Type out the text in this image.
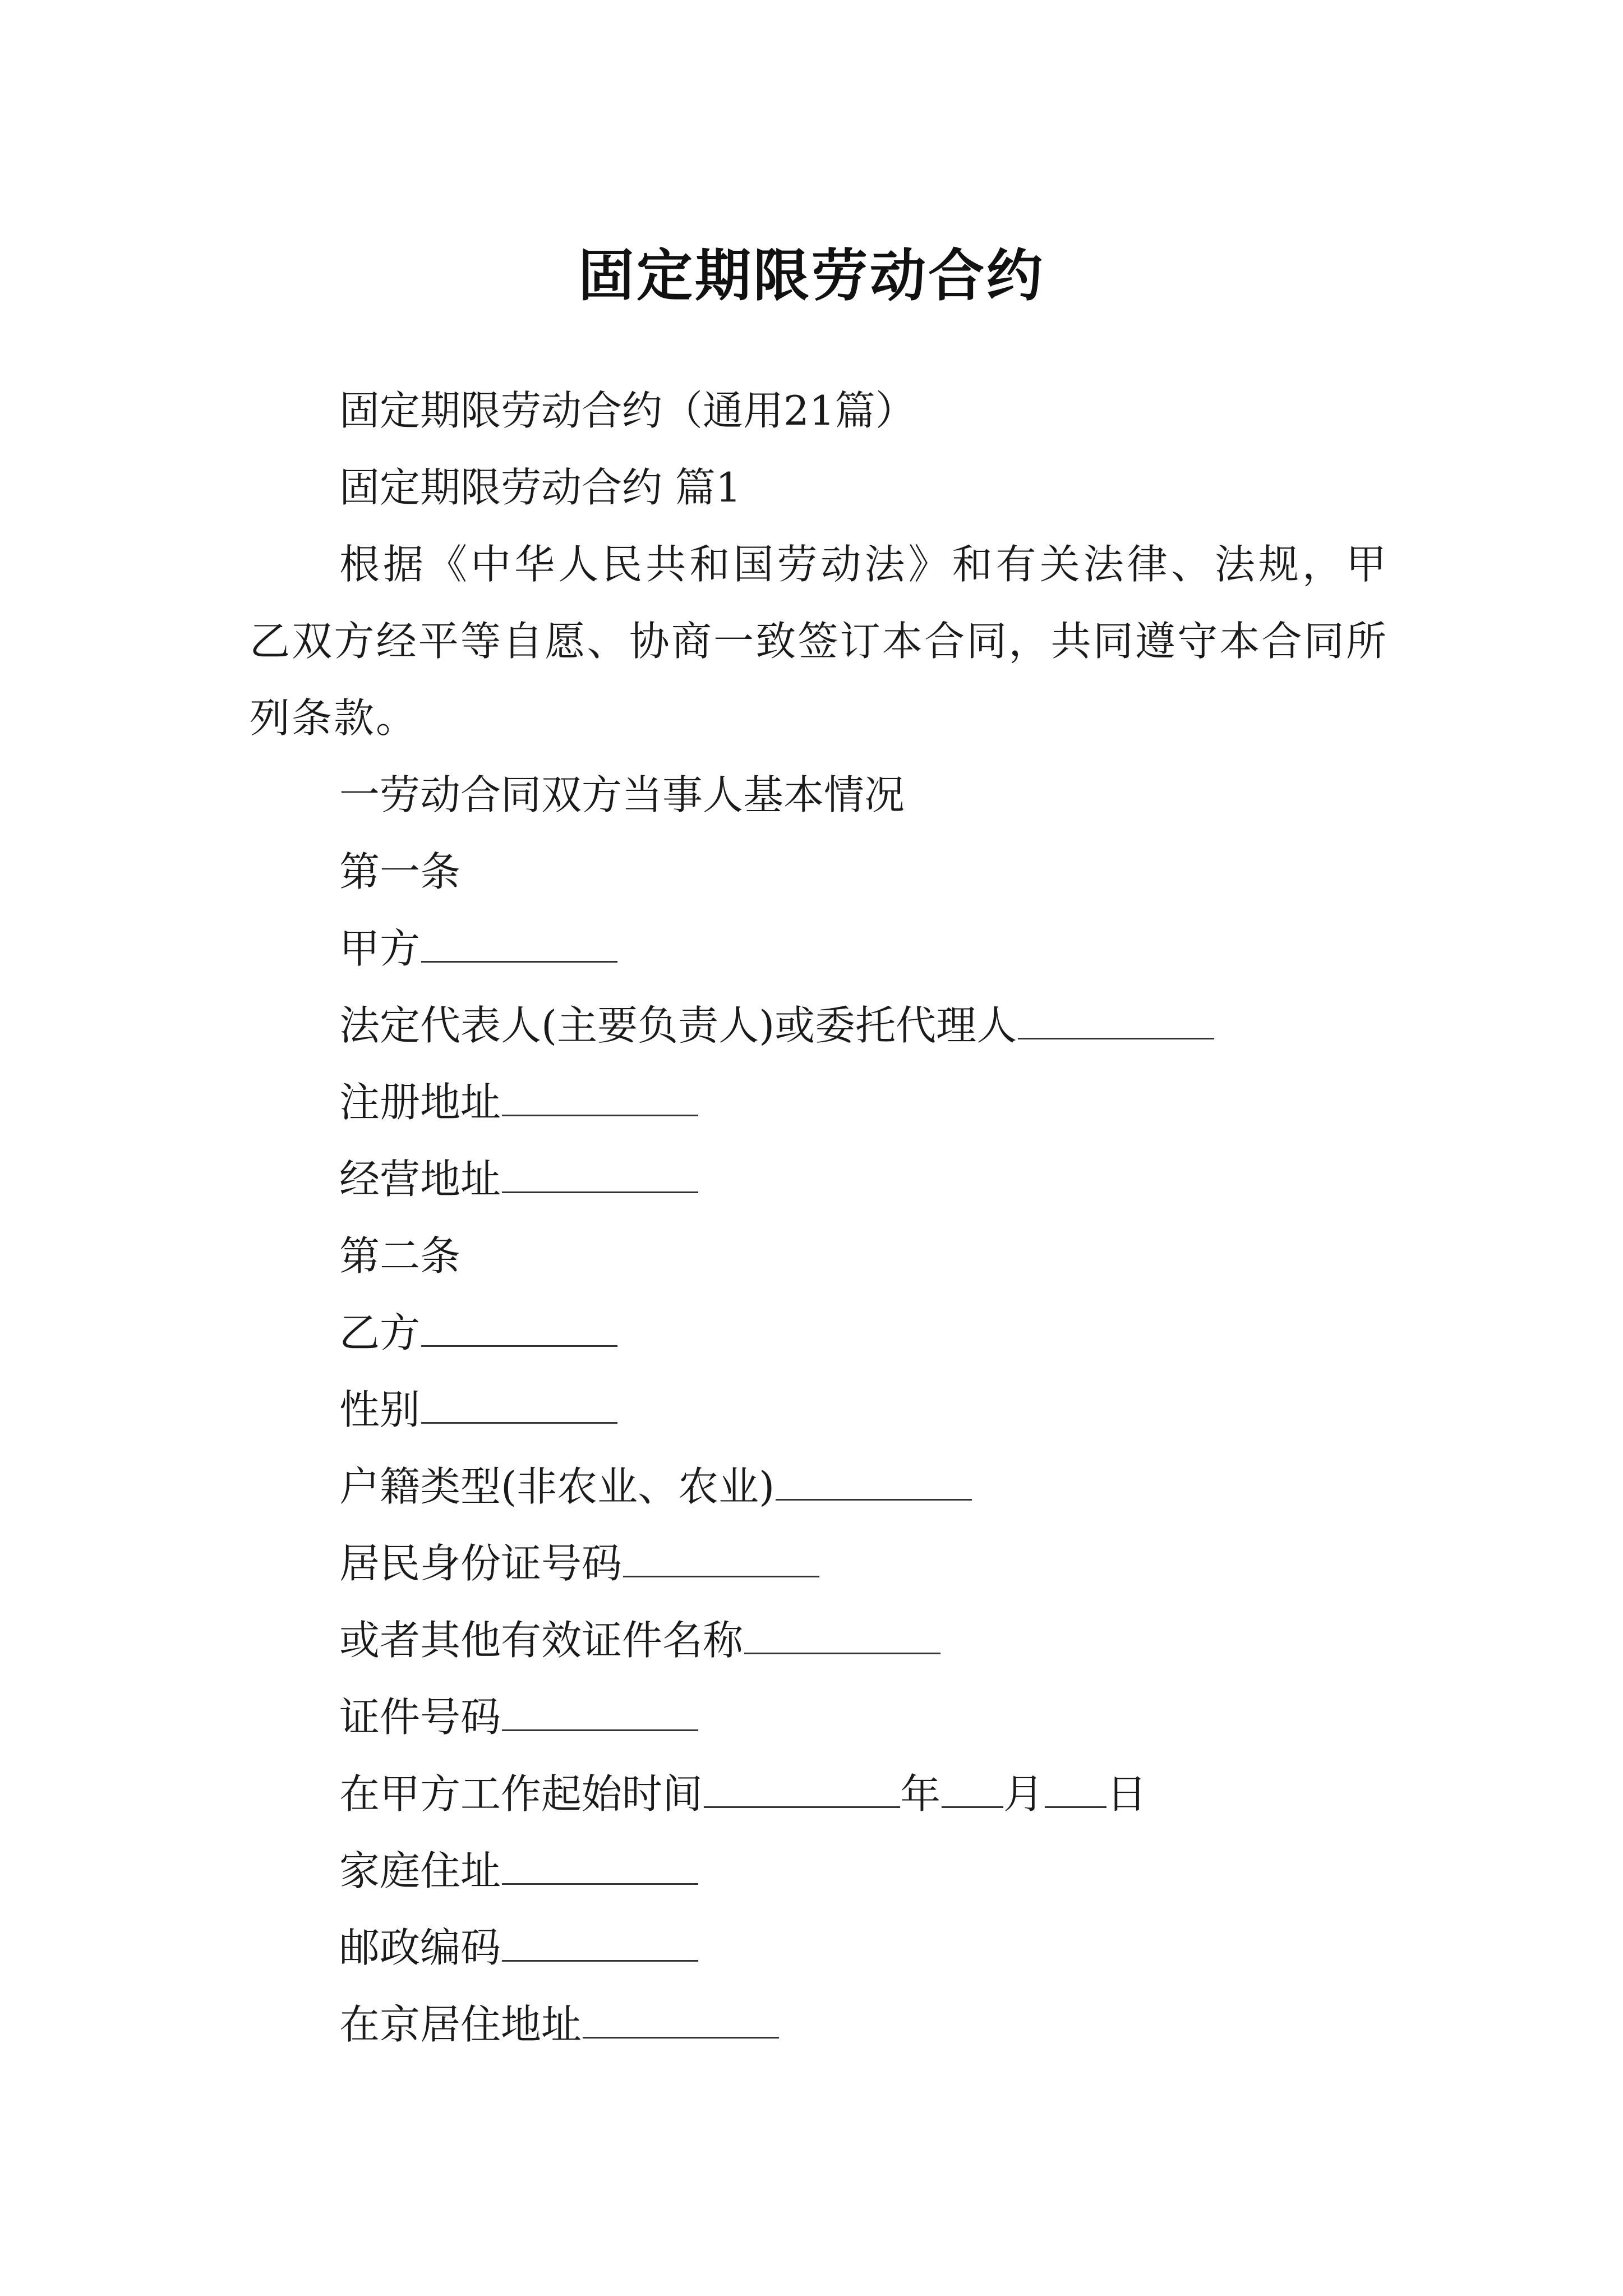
固定期限劳动合约

固定期限劳动合约（通用21篇）

固定期限劳动合约 篇1

根据《中华人民共和国劳动法》和有关法律、法规，甲乙双方经平等自愿、协商一致签订本合同，共同遵守本合同所列条款。

一劳动合同双方当事人基本情况

第一条

甲方

法定代表人(主要负责人)或委托代理人

注册地址

经营地址

第二条

乙方

性别

户籍类型(非农业、农业)

居民身份证号码

或者其他有效证件名称

证件号码

在甲方工作起始时间	年 月 日

家庭住址

邮政编码

在京居住地址
